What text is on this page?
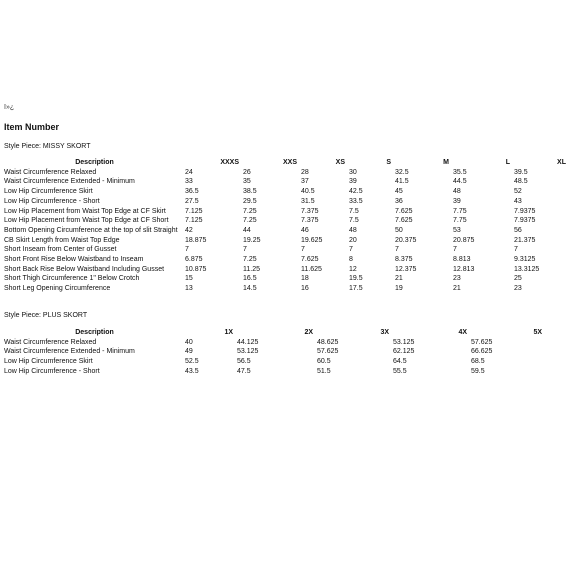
ï»¿
Item Number
Style Piece: MISSY SKORT
Description	XXXS	XXS	XS	S	M	L	XL
Waist Circumference Relaxed	24	26	28	30	32.5	35.5	39.5
Waist Circumference Extended - Minimum	33	35	37	39	41.5	44.5	48.5
Low Hip Circumference Skirt	36.5	38.5	40.5	42.5	45	48	52
Low Hip Circumference - Short	27.5	29.5	31.5	33.5	36	39	43
Low Hip Placement from Waist Top Edge at CF Skirt	7.125	7.25	7.375	7.5	7.625	7.75	7.9375
Low Hip Placement from Waist Top Edge at CF Short	7.125	7.25	7.375	7.5	7.625	7.75	7.9375
Bottom Opening Circumference at the top of slit Straight	42	44	46	48	50	53	56
CB Skirt Length from Waist Top Edge	18.875	19.25	19.625	20	20.375	20.875	21.375
Short Inseam from Center of Gusset	7	7	7	7	7	7	7
Short Front Rise Below Waistband to Inseam	6.875	7.25	7.625	8	8.375	8.813	9.3125
Short Back Rise Below Waistband Including Gusset	10.875	11.25	11.625	12	12.375	12.813	13.3125
Short Thigh Circumference 1" Below Crotch	15	16.5	18	19.5	21	23	25
Short Leg Opening Circumference	13	14.5	16	17.5	19	21	23
Style Piece: PLUS SKORT
Description	1X	2X	3X	4X	5X
Waist Circumference Relaxed	40	44.125	48.625	53.125	57.625
Waist Circumference Extended - Minimum	49	53.125	57.625	62.125	66.625
Low Hip Circumference Skirt	52.5	56.5	60.5	64.5	68.5
Low Hip Circumference - Short	43.5	47.5	51.5	55.5	59.5
